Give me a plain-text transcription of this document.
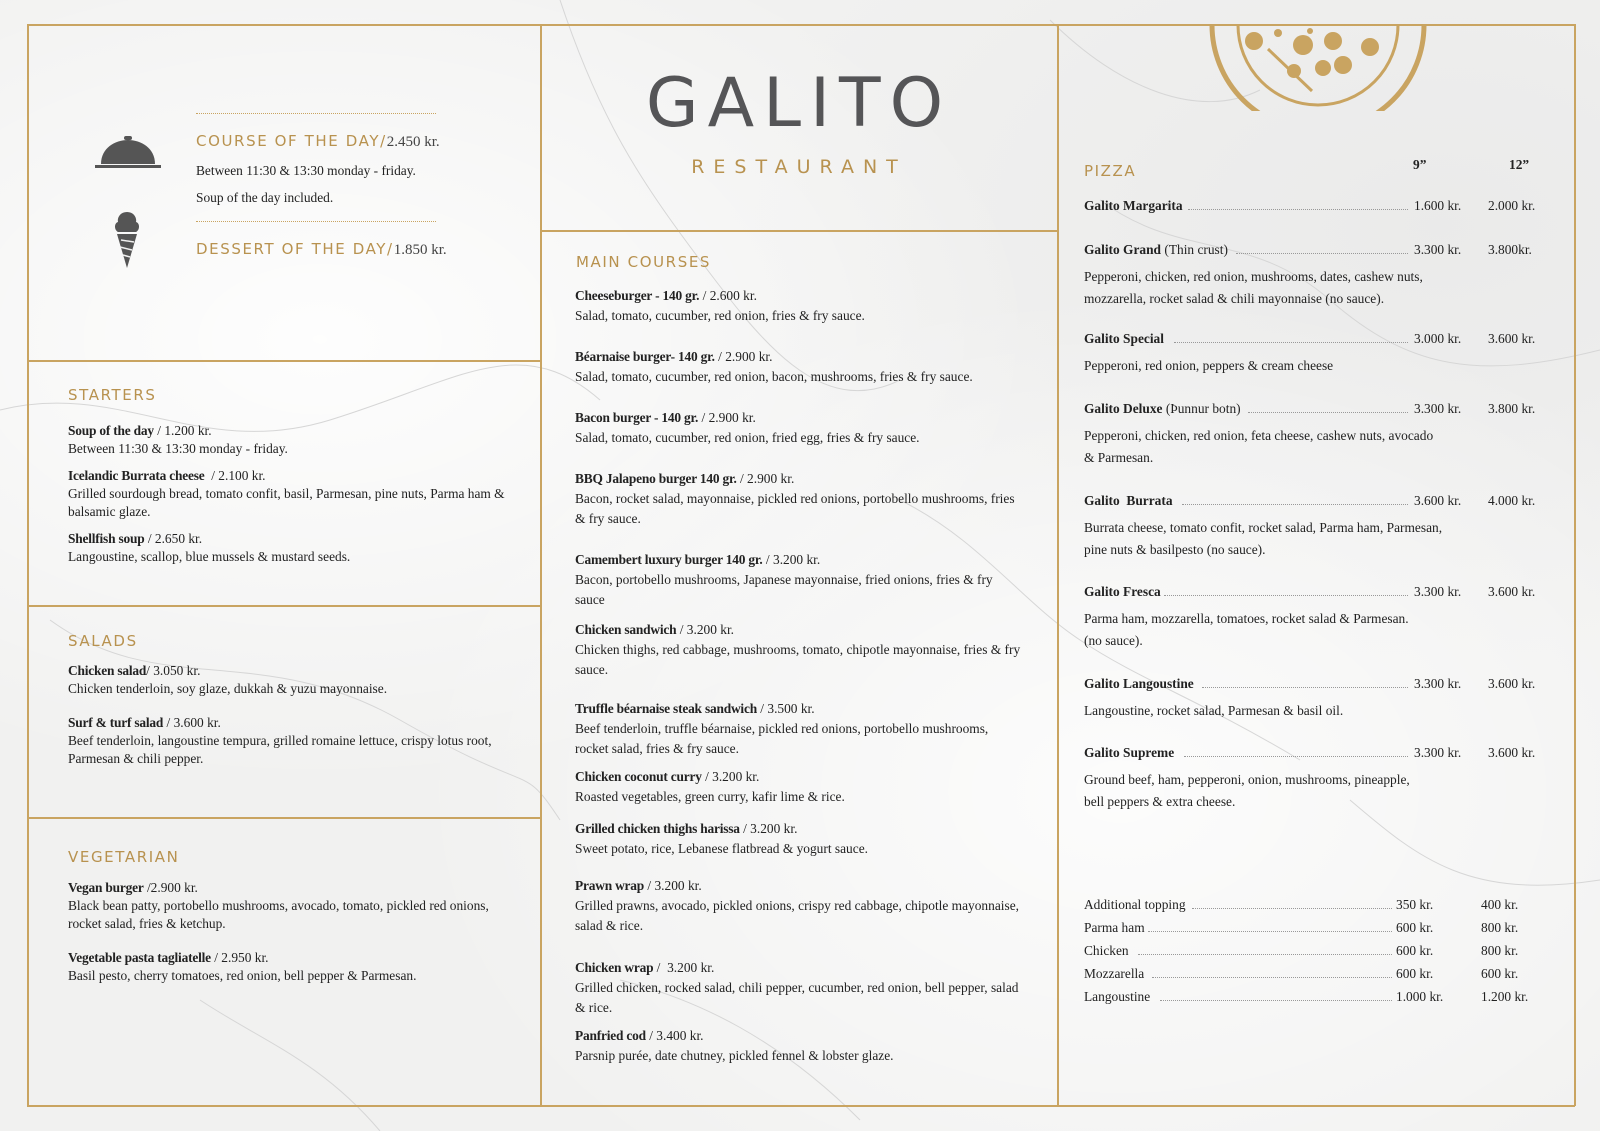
COURSE OF THE DAY/2.450 kr.
Between 11:30 & 13:30 monday - friday.
Soup of the day included.
DESSERT OF THE DAY/1.850 kr.
STARTERS

Soup of the day / 1.200 kr.

Between 11:30 & 13:30 monday - friday.

Icelandic Burrata cheese  / 2.100 kr.

Grilled sourdough bread, tomato confit, basil, Parmesan, pine nuts, Parma ham & balsamic glaze.

Shellfish soup / 2.650 kr.

Langoustine, scallop, blue mussels & mustard seeds.

SALADS

Chicken salad/ 3.050 kr.

Chicken tenderloin, soy glaze, dukkah & yuzu mayonnaise.

Surf & turf salad / 3.600 kr.

Beef tenderloin, langoustine tempura, grilled romaine lettuce, crispy lotus root, Parmesan & chili pepper.

VEGETARIAN

Vegan burger /2.900 kr.

Black bean patty, portobello mushrooms, avocado, tomato, pickled red onions, rocket salad, fries & ketchup.

Vegetable pasta tagliatelle / 2.950 kr.

Basil pesto, cherry tomatoes, red onion, bell pepper & Parmesan.

GALITO
RESTAURANT
MAIN COURSES

Cheeseburger - 140 gr. / 2.600 kr.

Salad, tomato, cucumber, red onion, fries & fry sauce.

Béarnaise burger- 140 gr. / 2.900 kr.

Salad, tomato, cucumber, red onion, bacon, mushrooms, fries & fry sauce.

Bacon burger - 140 gr. / 2.900 kr.

Salad, tomato, cucumber, red onion, fried egg, fries & fry sauce.

BBQ Jalapeno burger 140 gr. / 2.900 kr.

Bacon, rocket salad, mayonnaise, pickled red onions, portobello mushrooms, fries & fry sauce.

Camembert luxury burger 140 gr. / 3.200 kr.

Bacon, portobello mushrooms, Japanese mayonnaise, fried onions, fries & fry sauce

Chicken sandwich / 3.200 kr.

Chicken thighs, red cabbage, mushrooms, tomato, chipotle mayonnaise, fries & fry sauce.

Truffle béarnaise steak sandwich / 3.500 kr.

Beef tenderloin, truffle béarnaise, pickled red onions, portobello mushrooms, rocket salad, fries & fry sauce.

Chicken coconut curry / 3.200 kr.

Roasted vegetables, green curry, kafir lime & rice.

Grilled chicken thighs harissa / 3.200 kr.

Sweet potato, rice, Lebanese flatbread & yogurt sauce.

Prawn wrap / 3.200 kr.

Grilled prawns, avocado, pickled onions, crispy red cabbage, chipotle mayonnaise, salad & rice.

Chicken wrap /  3.200 kr.

Grilled chicken, rocked salad, chili pepper, cucumber, red onion, bell pepper, salad & rice.

Panfried cod / 3.400 kr.

Parsnip purée, date chutney, pickled fennel & lobster glaze.

PIZZA	9”	12”
Galito Margarita	1.600 kr. 2.000 kr.
Galito Grand (Thin crust)	3.300 kr. 3.800kr.
Pepperoni, chicken, red onion, mushrooms, dates, cashew nuts, mozzarella, rocket salad & chili mayonnaise (no sauce).
Galito Special	3.000 kr. 3.600 kr.
Pepperoni, red onion, peppers & cream cheese
Galito Deluxe (Þunnur botn)	3.300 kr. 3.800 kr.
Pepperoni, chicken, red onion, feta cheese, cashew nuts, avocado & Parmesan.
Galito  Burrata	3.600 kr. 4.000 kr.
Burrata cheese, tomato confit, rocket salad, Parma ham, Parmesan, pine nuts & basilpesto (no sauce).
Galito Fresca	3.300 kr. 3.600 kr.
Parma ham, mozzarella, tomatoes, rocket salad & Parmesan. (no sauce).
Galito Langoustine	3.300 kr. 3.600 kr.
Langoustine, rocket salad, Parmesan & basil oil.
Galito Supreme	3.300 kr. 3.600 kr.
Ground beef, ham, pepperoni, onion, mushrooms, pineapple, bell peppers & extra cheese.
Additional topping	350 kr.	400 kr.
Parma ham	600 kr.	800 kr.
Chicken	600 kr.	800 kr.
Mozzarella	600 kr.	600 kr.
Langoustine	1.000 kr.	1.200 kr.
